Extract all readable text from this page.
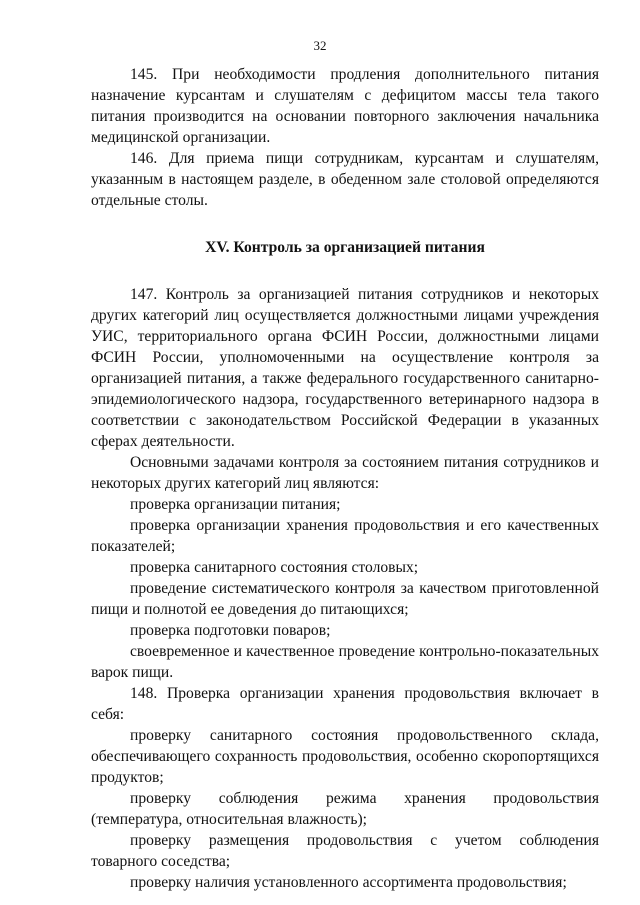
32

145. При необходимости продления дополнительного питания назначение курсантам и слушателям с дефицитом массы тела такого питания производится на основании повторного заключения начальника медицинской организации.

146. Для приема пищи сотрудникам, курсантам и слушателям, указанным в настоящем разделе, в обеденном зале столовой определяются отдельные столы.

XV. Контроль за организацией питания

147. Контроль за организацией питания сотрудников и некоторых других категорий лиц осуществляется должностными лицами учреждения УИС, территориального органа ФСИН России, должностными лицами ФСИН России, уполномоченными на осуществление контроля за организацией питания, а также федерального государственного санитарно-эпидемиологического надзора, государственного ветеринарного надзора в соответствии с законодательством Российской Федерации в указанных сферах деятельности.

Основными задачами контроля за состоянием питания сотрудников и некоторых других категорий лиц являются:

проверка организации питания;

проверка организации хранения продовольствия и его качественных показателей;

проверка санитарного состояния столовых;

проведение систематического контроля за качеством приготовленной пищи и полнотой ее доведения до питающихся;

проверка подготовки поваров;

своевременное и качественное проведение контрольно-показательных варок пищи.

148. Проверка организации хранения продовольствия включает в себя:

проверку санитарного состояния продовольственного склада, обеспечивающего сохранность продовольствия, особенно скоропортящихся продуктов;

проверку соблюдения режима хранения продовольствия (температура, относительная влажность);

проверку размещения продовольствия с учетом соблюдения товарного соседства;

проверку наличия установленного ассортимента продовольствия;
